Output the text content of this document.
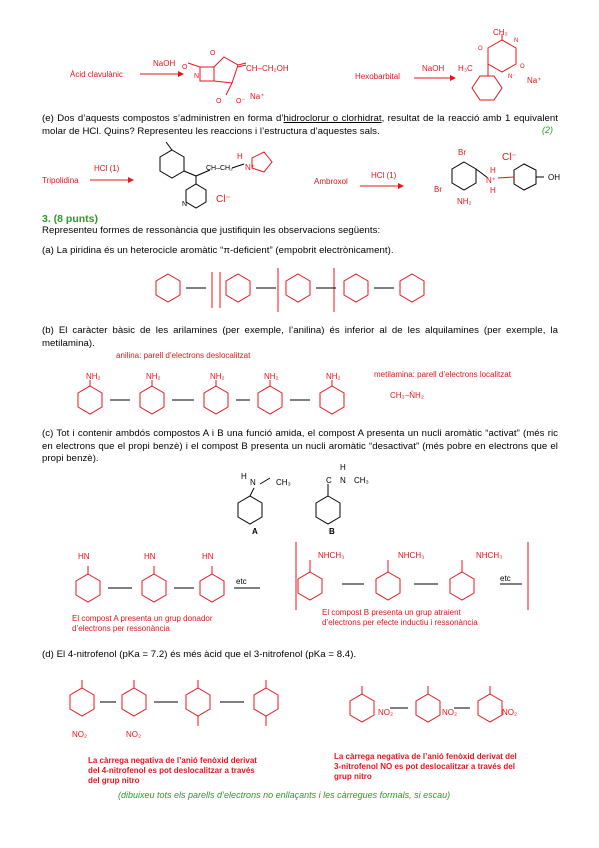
Àcid clavulànic
NaOH
O
N
O
O O⁻
CH–CH₂OH
Na⁺
Hexobarbital
NaOH
O
N
O
N⁻
CH₃
H₃C
Na⁺
(e) Dos d’aquests compostos s’administren en forma d’hidroclorur o clorhidrat, resultat de la reacció amb 1 equivalent molar de HCl. Quins? Representeu les reaccions i l’estructura d’aquestes sals.	(2)
Tripolidina
HCl (1)	CH–CH₂
N
H
N⁺
Cl⁻
Ambroxol
HCl (1)
Br
Br
Cl⁻
H
N⁺
H
NH₂
OH
3. (8 punts)
Representeu formes de ressonància que justifiquin les observacions següents:
(a) La piridina és un heterocicle aromàtic “π-deficient” (empobrit electrònicament).
(b) El caràcter bàsic de les arilamines (per exemple, l’anilina) és inferior al de les alquilamines (per exemple, la metilamina).
anilina: parell d’electrons deslocalitzat
metilamina: parell d’electrons localitzat
CH₃–N̈H₂
NH₂	NH₂	NH₂	NH₂	NH₂
(c) Tot i contenir ambdós compostos A i B una funció amida, el compost A presenta un nucli aromàtic “activat” (més ric en electrons que el propi benzè) i el compost B presenta un nucli aromàtic “desactivat” (més pobre en electrons que el propi benzè).
H
N	CH₃
H
C N CH₃
A	B
HN	HN	HN
etc
El compost A presenta un grup donador d’electrons per ressonància
NHCH₃	NHCH₃	NHCH₃
etc
El compost B presenta un grup atraient d’electrons per efecte inductiu i ressonància
(d) El 4-nitrofenol (pKa = 7.2) és més àcid que el 3-nitrofenol (pKa = 8.4).
NO₂	NO₂
La càrrega negativa de l’anió fenòxid derivat del 4-nitrofenol es pot deslocalitzar a través del grup nitro
NO₂	NO₂	NO₂
La càrrega negativa de l’anió fenòxid derivat del 3-nitrofenol NO es pot deslocalitzar a través del grup nitro
(dibuixeu tots els parells d’electrons no enllaçants i les càrregues formals, si escau)
